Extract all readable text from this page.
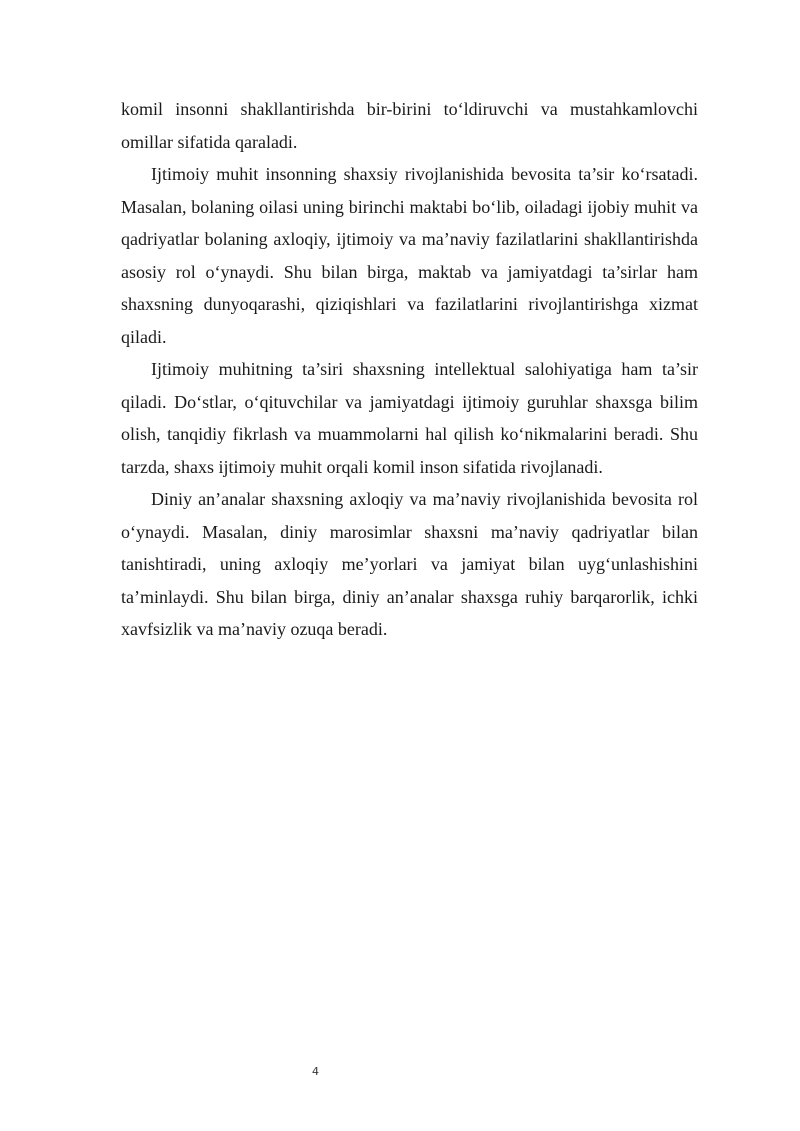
komil insonni shakllantirishda bir-birini to‘ldiruvchi va mustahkamlovchi omillar sifatida qaraladi.

Ijtimoiy muhit insonning shaxsiy rivojlanishida bevosita ta’sir ko‘rsatadi. Masalan, bolaning oilasi uning birinchi maktabi bo‘lib, oiladagi ijobiy muhit va qadriyatlar bolaning axloqiy, ijtimoiy va ma’naviy fazilatlarini shakllantirishda asosiy rol o‘ynaydi. Shu bilan birga, maktab va jamiyatdagi ta’sirlar ham shaxsning dunyoqarashi, qiziqishlari va fazilatlarini rivojlantirishga xizmat qiladi.

Ijtimoiy muhitning ta’siri shaxsning intellektual salohiyatiga ham ta’sir qiladi. Do‘stlar, o‘qituvchilar va jamiyatdagi ijtimoiy guruhlar shaxsga bilim olish, tanqidiy fikrlash va muammolarni hal qilish ko‘nikmalarini beradi. Shu tarzda, shaxs ijtimoiy muhit orqali komil inson sifatida rivojlanadi.

Diniy an’analar shaxsning axloqiy va ma’naviy rivojlanishida bevosita rol o‘ynaydi. Masalan, diniy marosimlar shaxsni ma’naviy qadriyatlar bilan tanishtiradi, uning axloqiy me’yorlari va jamiyat bilan uyg‘unlashishini ta’minlaydi. Shu bilan birga, diniy an’analar shaxsga ruhiy barqarorlik, ichki xavfsizlik va ma’naviy ozuqa beradi.

4
